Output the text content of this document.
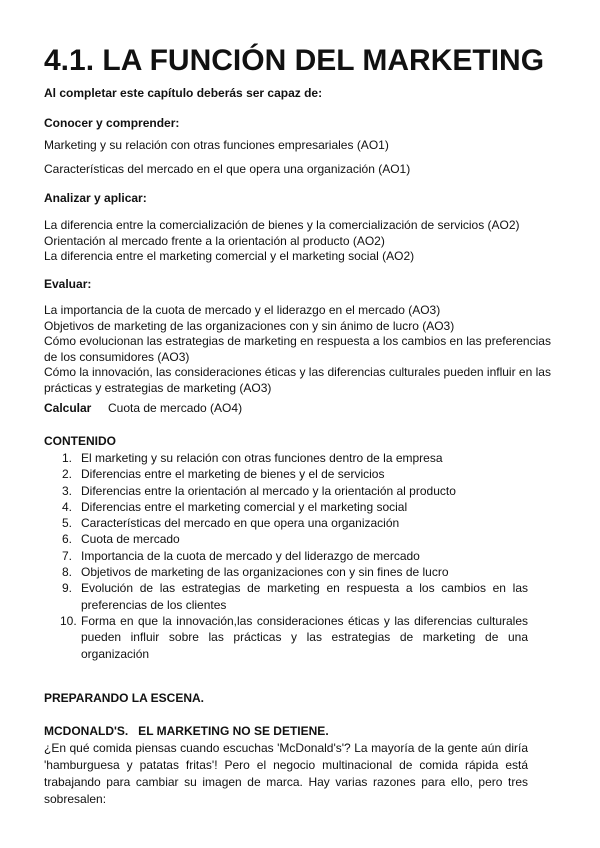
4.1. LA FUNCIÓN DEL MARKETING
Al completar este capítulo deberás ser capaz de:
Conocer y comprender:
Marketing y su relación con otras funciones empresariales (AO1)
Características del mercado en el que opera una organización (AO1)
Analizar y aplicar:
La diferencia entre la comercialización de bienes y la comercialización de servicios (AO2)
Orientación al mercado frente a la orientación al producto (AO2)
La diferencia entre el marketing comercial y el marketing social (AO2)
Evaluar:
La importancia de la cuota de mercado y el liderazgo en el mercado (AO3)
Objetivos de marketing de las organizaciones con y sin ánimo de lucro (AO3)
Cómo evolucionan las estrategias de marketing en respuesta a los cambios en las preferencias
de los consumidores (AO3)
Cómo la innovación, las consideraciones éticas y las diferencias culturales pueden influir en las
prácticas y estrategias de marketing (AO3)
Calcular Cuota de mercado (AO4)
CONTENIDO
1. El marketing y su relación con otras funciones dentro de la empresa
2. Diferencias entre el marketing de bienes y el de servicios
3. Diferencias entre la orientación al mercado y la orientación al producto
4. Diferencias entre el marketing comercial y el marketing social
5. Características del mercado en que opera una organización
6. Cuota de mercado
7. Importancia de la cuota de mercado y del liderazgo de mercado
8. Objetivos de marketing de las organizaciones con y sin fines de lucro
9. Evolución de las estrategias de marketing en respuesta a los cambios en las preferencias de los clientes
10. Forma en que la innovación,las consideraciones éticas y las diferencias culturales pueden influir sobre las prácticas y las estrategias de marketing de una organización
PREPARANDO LA ESCENA.
MCDONALD'S.   EL MARKETING NO SE DETIENE.
¿En qué comida piensas cuando escuchas 'McDonald's'? La mayoría de la gente aún diría 'hamburguesa y patatas fritas'! Pero el negocio multinacional de comida rápida está trabajando para cambiar su imagen de marca. Hay varias razones para ello, pero tres sobresalen:
